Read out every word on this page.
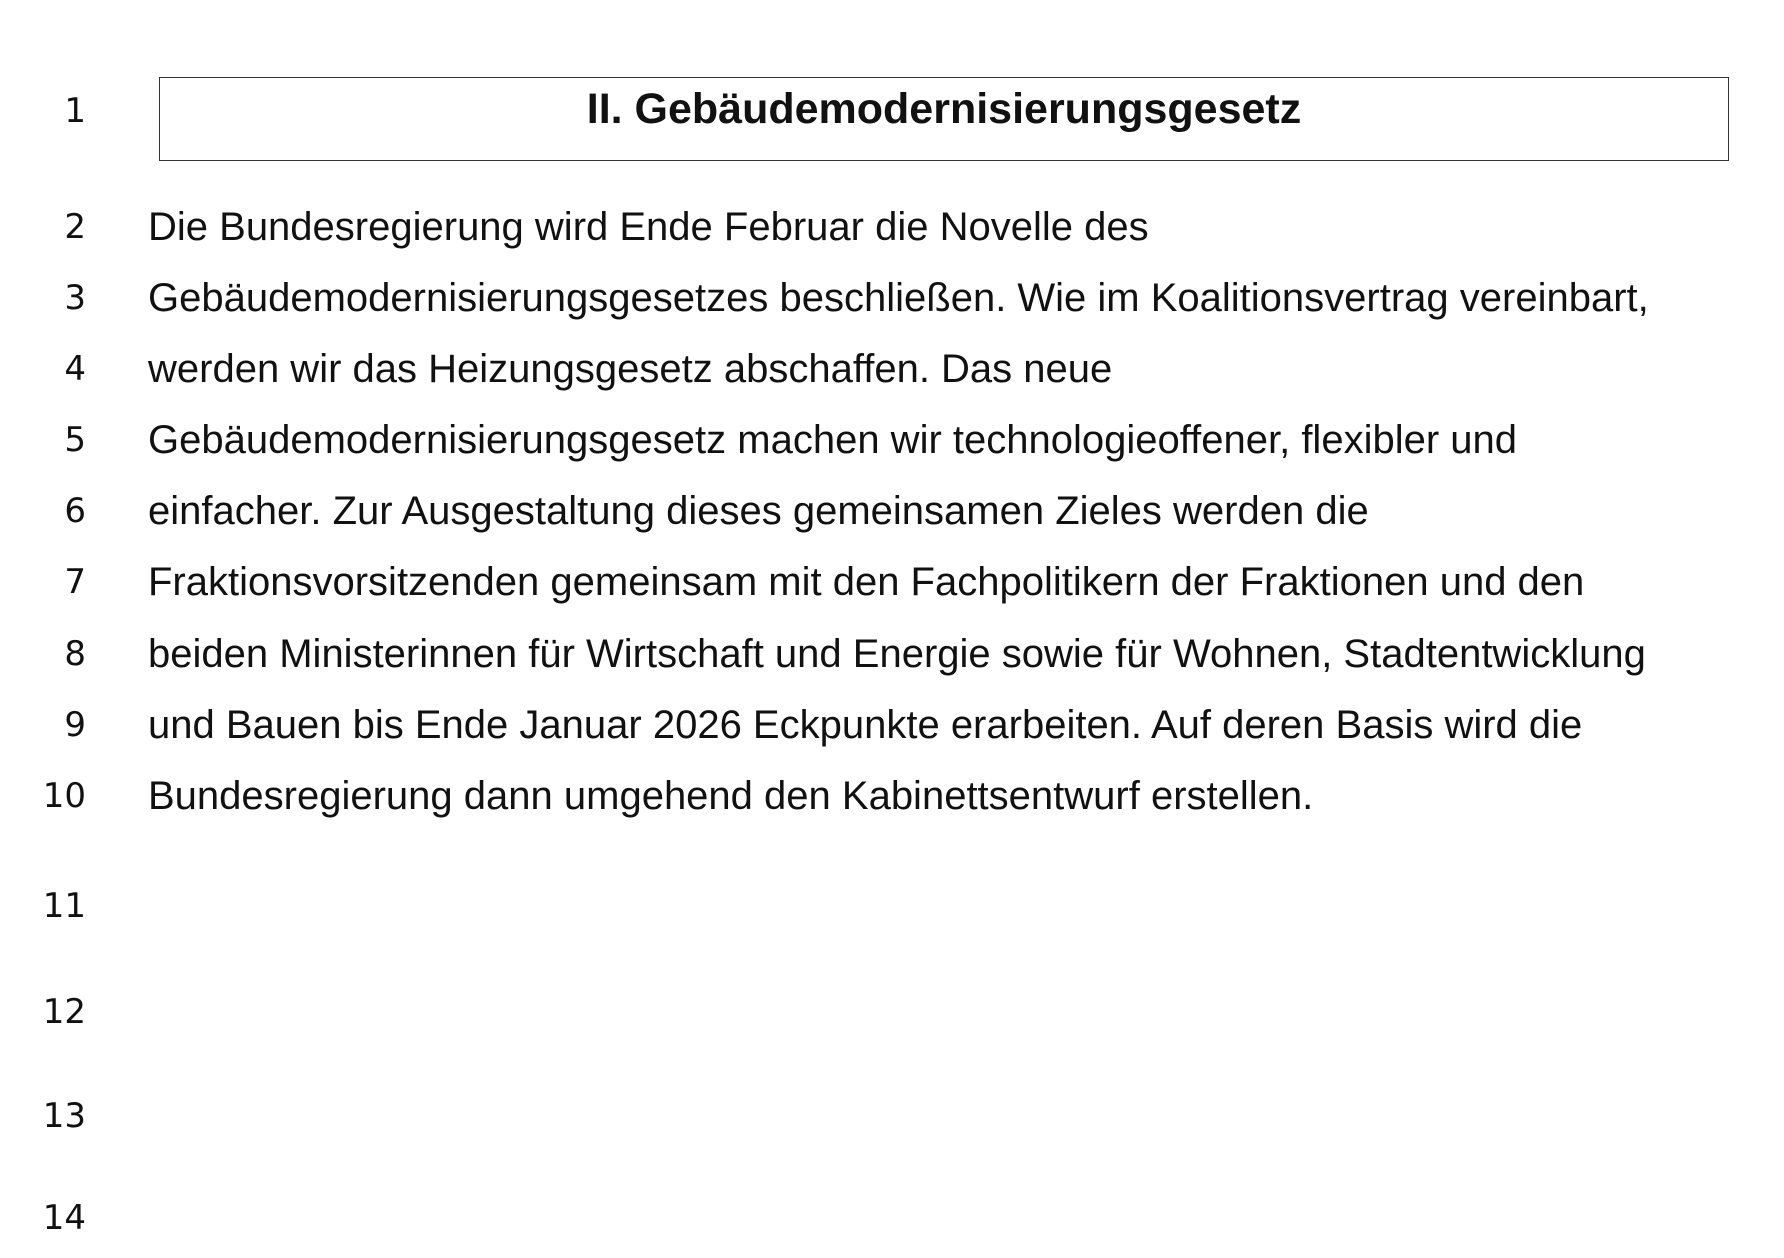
1	II. Gebäudemodernisierungsgesetz
2 Die Bundesregierung wird Ende Februar die Novelle des
3 Gebäudemodernisierungsgesetzes beschließen. Wie im Koalitionsvertrag vereinbart,
4 werden wir das Heizungsgesetz abschaffen. Das neue
5 Gebäudemodernisierungsgesetz machen wir technologieoffener, flexibler und
6 einfacher. Zur Ausgestaltung dieses gemeinsamen Zieles werden die
7 Fraktionsvorsitzenden gemeinsam mit den Fachpolitikern der Fraktionen und den
8 beiden Ministerinnen für Wirtschaft und Energie sowie für Wohnen, Stadtentwicklung
9 und Bauen bis Ende Januar 2026 Eckpunkte erarbeiten. Auf deren Basis wird die
10 Bundesregierung dann umgehend den Kabinettsentwurf erstellen.
11
12
13
14
